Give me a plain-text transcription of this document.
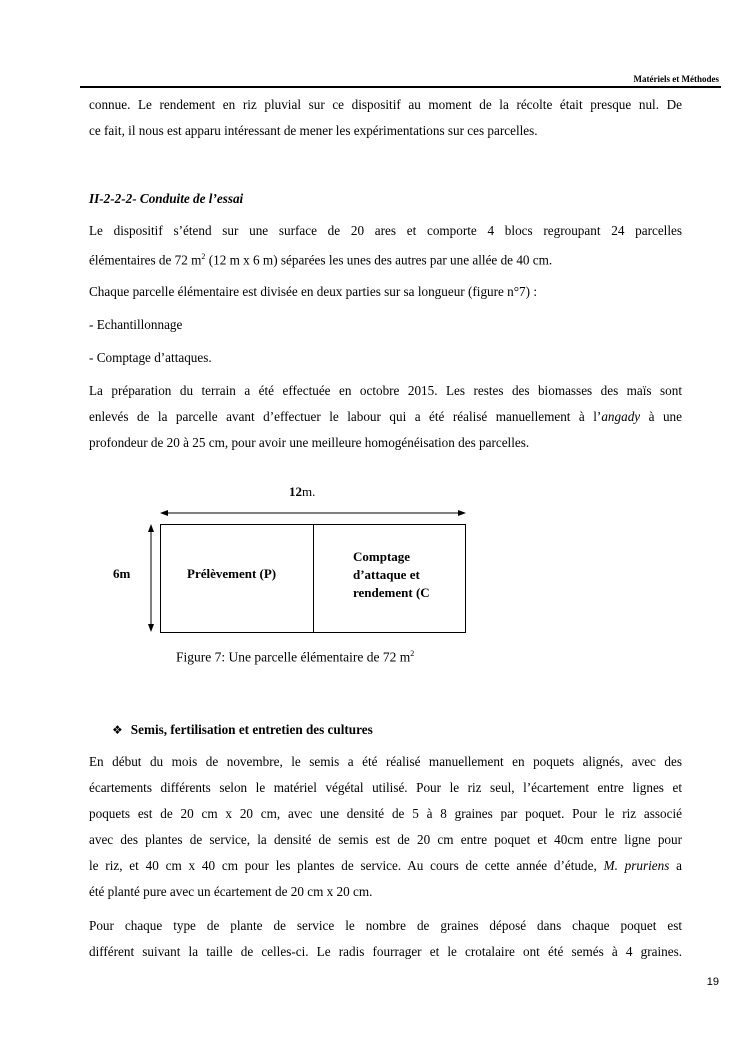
Matériels et Méthodes
connue. Le rendement en riz pluvial sur ce dispositif au moment de la récolte était presque nul. De
ce fait, il nous est apparu intéressant de mener les expérimentations sur ces parcelles.
II-2-2-2- Conduite de l’essai
Le dispositif s’étend sur une surface de 20 ares et comporte 4 blocs regroupant 24 parcelles
élémentaires de 72 $m^2$ (12 m x 6 m) séparées les unes des autres par une allée de 40 cm.
Chaque parcelle élémentaire est divisée en deux parties sur sa longueur (figure n°7) :
- Echantillonnage
- Comptage d’attaques.
La préparation du terrain a été effectuée en octobre 2015. Les restes des biomasses des maïs sont
enlevés de la parcelle avant d’effectuer le labour qui a été réalisé manuellement à l’angady à une
profondeur de 20 à 25 cm, pour avoir une meilleure homogénéisation des parcelles.
12m.
6m	Prélèvement (P)
Comptage
d’attaque et
rendement (C
Figure 7: Une parcelle élémentaire de 72 $m^2$
❖ Semis, fertilisation et entretien des cultures
En début du mois de novembre, le semis a été réalisé manuellement en poquets alignés, avec des
écartements différents selon le matériel végétal utilisé. Pour le riz seul, l’écartement entre lignes et
poquets est de 20 cm x 20 cm, avec une densité de 5 à 8 graines par poquet. Pour le riz associé
avec des plantes de service, la densité de semis est de 20 cm entre poquet et 40cm entre ligne pour
le riz, et 40 cm x 40 cm pour les plantes de service. Au cours de cette année d’étude, M. pruriens a
été planté pure avec un écartement de 20 cm x 20 cm.
Pour chaque type de plante de service le nombre de graines déposé dans chaque poquet est
différent suivant la taille de celles-ci. Le radis fourrager et le crotalaire ont été semés à 4 graines.
19
